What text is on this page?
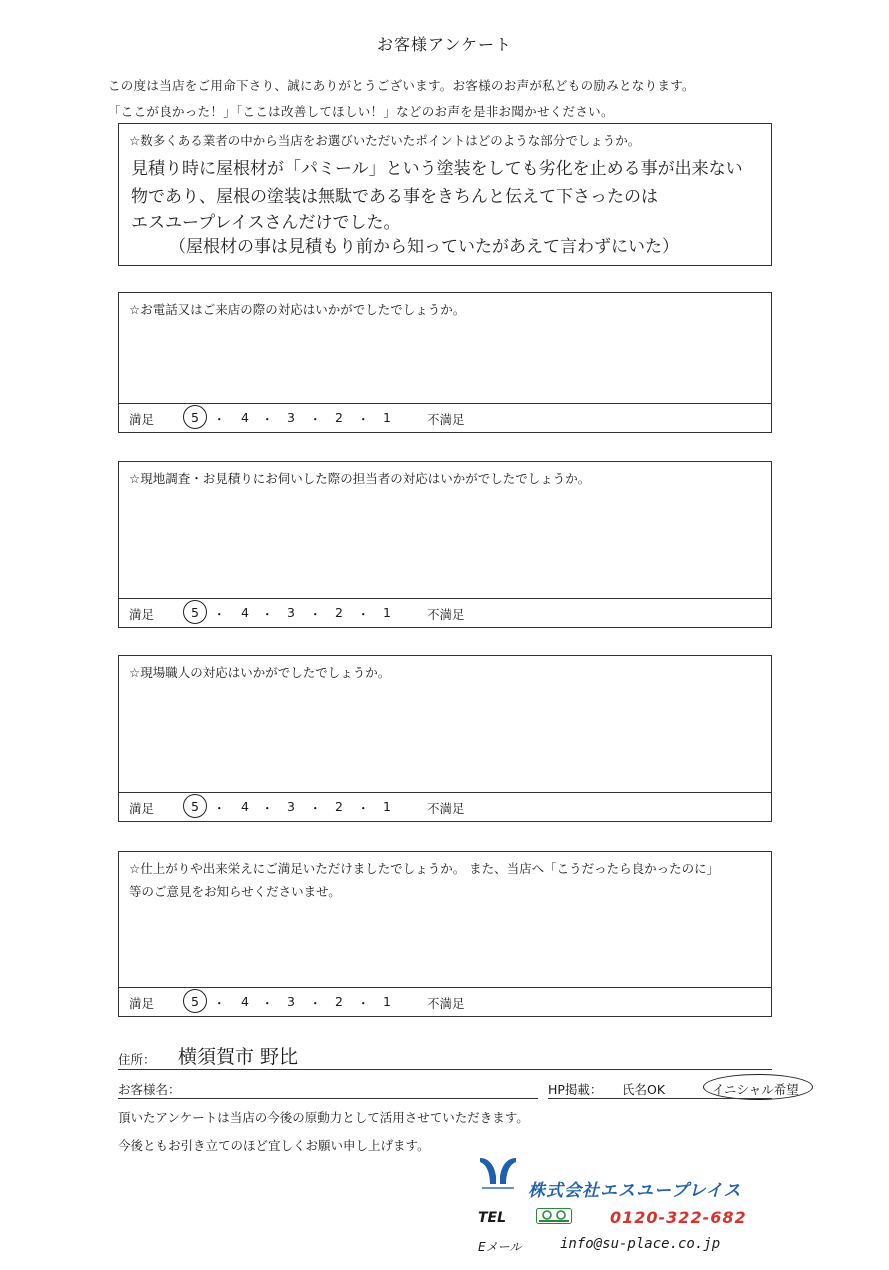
お客様アンケート
この度は当店をご用命下さり、誠にありがとうございます。お客様のお声が私どもの励みとなります。
「ここが良かった！」「ここは改善してほしい！」などのお声を是非お聞かせください。
☆数多くある業者の中から当店をお選びいただいたポイントはどのような部分でしょうか。
見積り時に屋根材が「パミール」という塗装をしても劣化を止める事が出来ない
物であり、屋根の塗装は無駄である事をきちんと伝えて下さったのは
エスユープレイスさんだけでした。
（屋根材の事は見積もり前から知っていたがあえて言わずにいた）
☆お電話又はご来店の際の対応はいかがでしたでしょうか。
満足	5 ・ 4 ・ 3 ・ 2 ・ 1	不満足
☆現地調査・お見積りにお伺いした際の担当者の対応はいかがでしたでしょうか。
満足	5 ・ 4 ・ 3 ・ 2 ・ 1	不満足
☆現場職人の対応はいかがでしたでしょうか。
満足	5 ・ 4 ・ 3 ・ 2 ・ 1	不満足
☆仕上がりや出来栄えにご満足いただけましたでしょうか。 また、当店へ「こうだったら良かったのに」
等のご意見をお知らせくださいませ。
満足	5 ・ 4 ・ 3 ・ 2 ・ 1	不満足
住所： 横須賀市 野比
お客様名：	HP掲載： 氏名OK	イニシャル希望
頂いたアンケートは当店の今後の原動力として活用させていただきます。
今後ともお引き立てのほど宜しくお願い申し上げます。
株式会社エスユープレイス
TEL	0120-322-682
Eメール	info@su-place.co.jp
